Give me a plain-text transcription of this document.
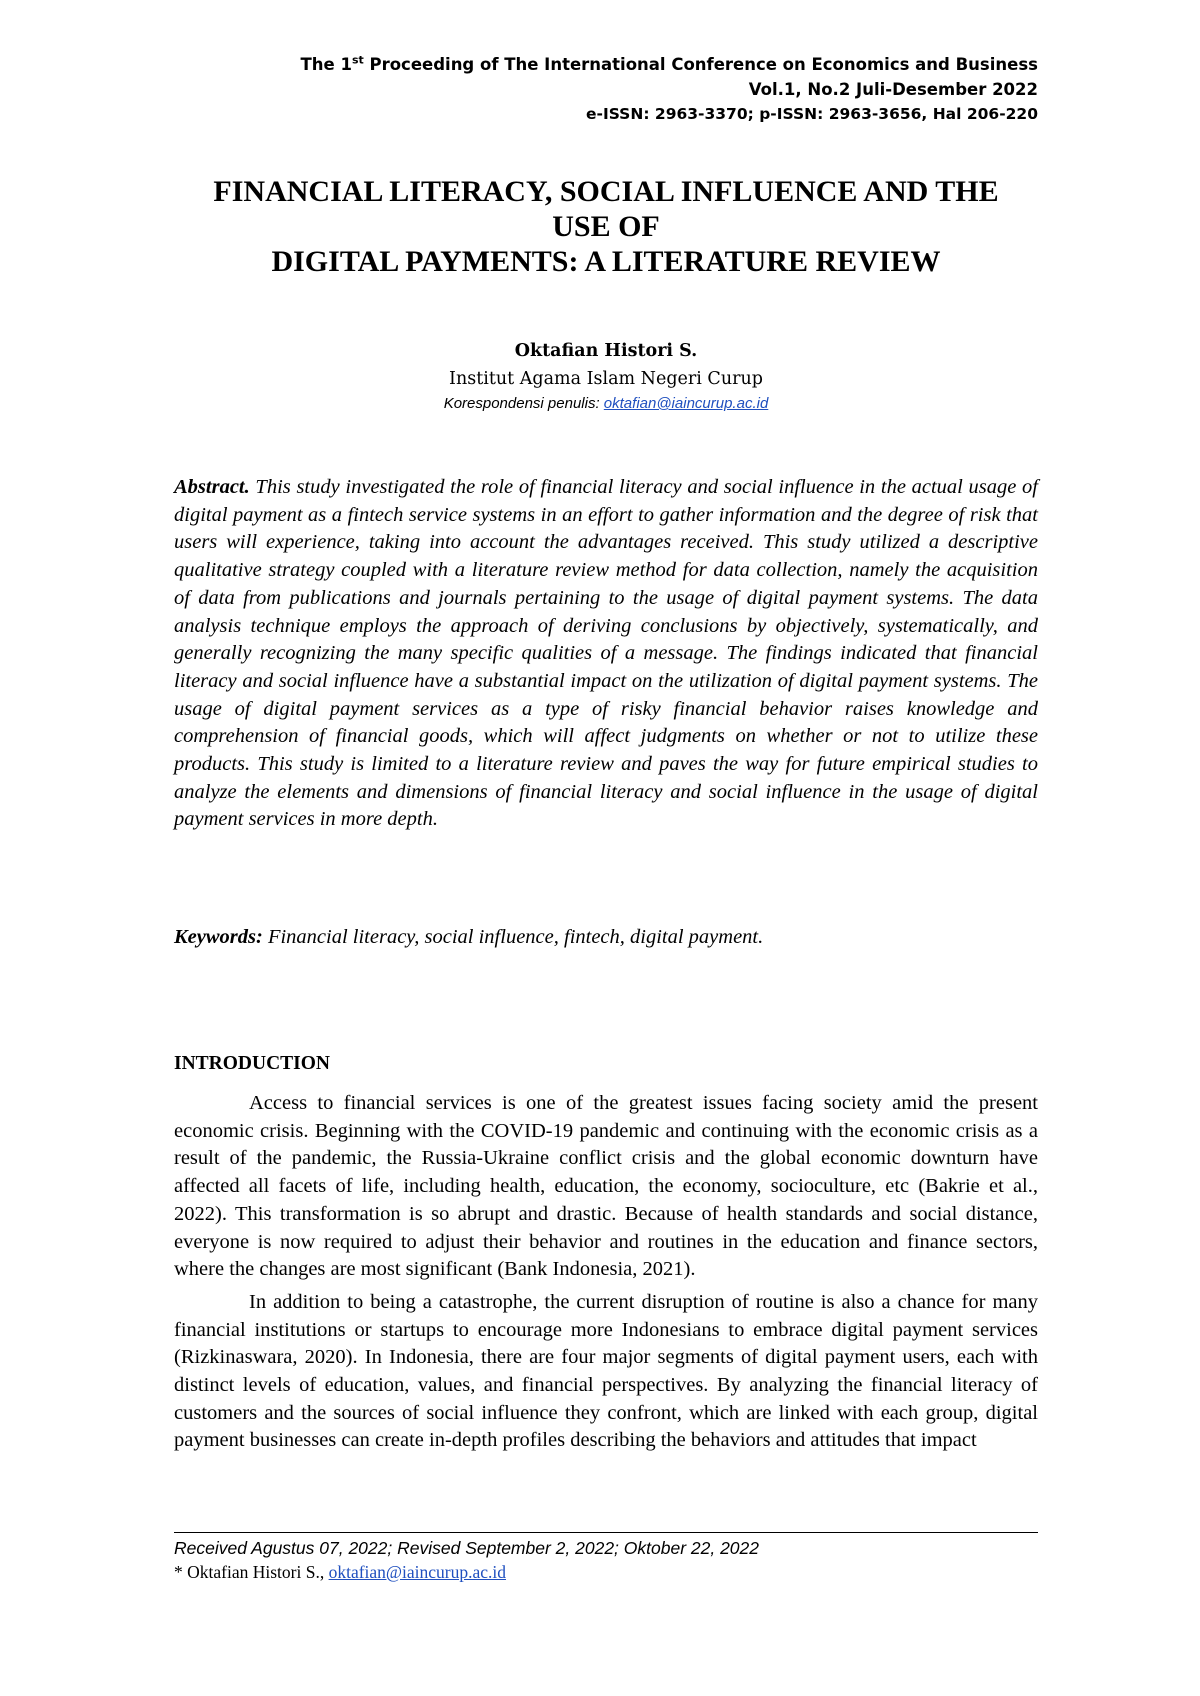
The 1st Proceeding of The International Conference on Economics and Business
Vol.1, No.2 Juli-Desember 2022
e-ISSN: 2963-3370; p-ISSN: 2963-3656, Hal 206-220
FINANCIAL LITERACY, SOCIAL INFLUENCE AND THE
USE OF
DIGITAL PAYMENTS: A LITERATURE REVIEW
Oktafian Histori S.
Institut Agama Islam Negeri Curup
Korespondensi penulis: oktafian@iaincurup.ac.id

Abstract. This study investigated the role of financial literacy and social influence in the actual usage of digital payment as a fintech service systems in an effort to gather information and the degree of risk that users will experience, taking into account the advantages received. This study utilized a descriptive qualitative strategy coupled with a literature review method for data collection, namely the acquisition of data from publications and journals pertaining to the usage of digital payment systems. The data analysis technique employs the approach of deriving conclusions by objectively, systematically, and generally recognizing the many specific qualities of a message. The findings indicated that financial literacy and social influence have a substantial impact on the utilization of digital payment systems. The usage of digital payment services as a type of risky financial behavior raises knowledge and comprehension of financial goods, which will affect judgments on whether or not to utilize these products. This study is limited to a literature review and paves the way for future empirical studies to analyze the elements and dimensions of financial literacy and social influence in the usage of digital payment services in more depth.

Keywords: Financial literacy, social influence, fintech, digital payment.

INTRODUCTION

Access to financial services is one of the greatest issues facing society amid the present economic crisis. Beginning with the COVID-19 pandemic and continuing with the economic crisis as a result of the pandemic, the Russia-Ukraine conflict crisis and the global economic downturn have affected all facets of life, including health, education, the economy, socioculture, etc (Bakrie et al., 2022). This transformation is so abrupt and drastic. Because of health standards and social distance, everyone is now required to adjust their behavior and routines in the education and finance sectors, where the changes are most significant (Bank Indonesia, 2021).

In addition to being a catastrophe, the current disruption of routine is also a chance for many financial institutions or startups to encourage more Indonesians to embrace digital payment services (Rizkinaswara, 2020). In Indonesia, there are four major segments of digital payment users, each with distinct levels of education, values, and financial perspectives. By analyzing the financial literacy of customers and the sources of social influence they confront, which are linked with each group, digital payment businesses can create in-depth profiles describing the behaviors and attitudes that impact

Received Agustus 07, 2022; Revised September 2, 2022; Oktober 22, 2022
* Oktafian Histori S., oktafian@iaincurup.ac.id
